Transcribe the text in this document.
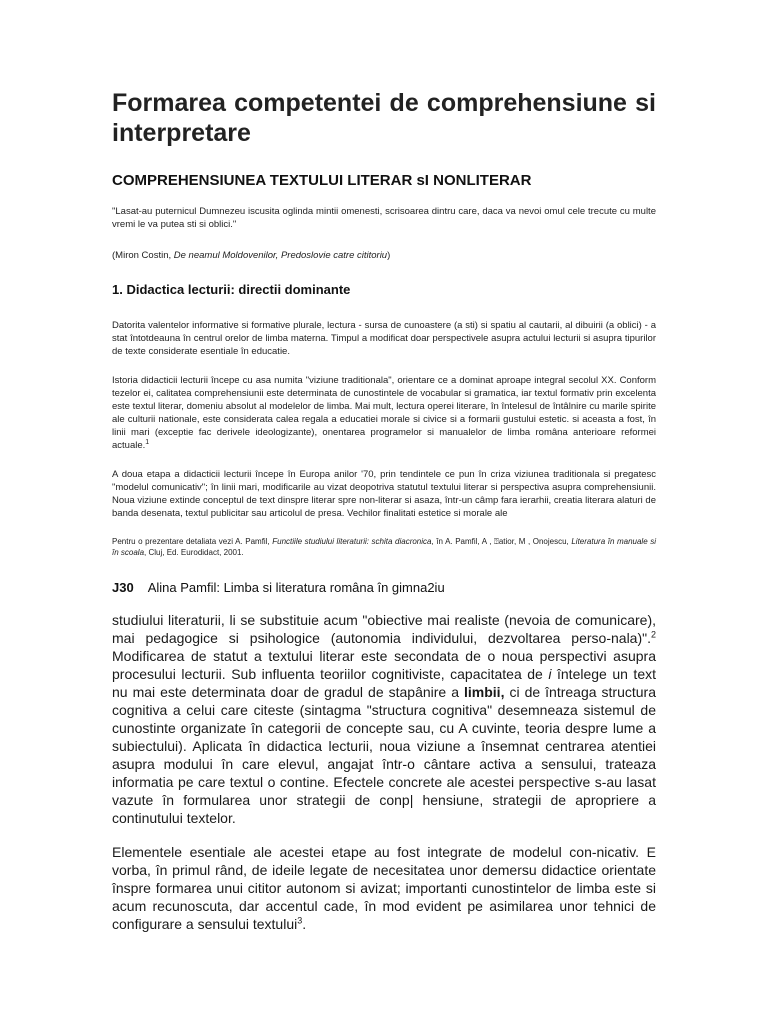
Formarea competentei de comprehensiune si interpretare
COMPREHENSIUNEA TEXTULUI LITERAR sI NONLITERAR

"Lasat-au puternicul Dumnezeu iscusita oglinda mintii omenesti, scrisoarea dintru care, daca va nevoi omul cele trecute cu multe vremi le va putea sti si oblici."

(Miron Costin, De neamul Moldovenilor, Predoslovie catre cititoriu)

1. Didactica lecturii: directii dominante

Datorita valentelor informative si formative plurale, lectura - sursa de cunoastere (a sti) si spatiu al cautarii, al dibuirii (a oblici) - a stat întotdeauna în centrul orelor de limba materna. Timpul a modificat doar perspectivele asupra actului lecturii si asupra tipurilor de texte considerate esentiale în educatie.

Istoria didacticii lecturii începe cu asa numita "viziune traditionala", orientare ce a dominat aproape integral secolul XX. Conform tezelor ei, calitatea comprehensiunii este determinata de cunostintele de vocabular si gramatica, iar textul formativ prin excelenta este textul literar, domeniu absolut al modelelor de limba. Mai mult, lectura operei literare, în întelesul de întâlnire cu marile spirite ale culturii nationale, este considerata calea regala a educatiei morale si civice si a formarii gustului estetic. si aceasta a fost, în linii mari (exceptie fac derivele ideologizante), onentarea programelor si manualelor de limba româna anterioare reformei actuale.$^1$

A doua etapa a didacticii lecturii începe în Europa anilor '70, prin tendintele ce pun în criza viziunea traditionala si pregatesc "modelul comunicativ"; în linii mari, modificarile au vizat deopotriva statutul textului literar si perspectiva asupra comprehensiunii. Noua viziune extinde conceptul de text dinspre literar spre non-literar si asaza, într-un câmp fara ierarhii, creatia literara alaturi de banda desenata, textul publicitar sau articolul de presa. Vechilor finalitati estetice si morale ale

Pentru o prezentare detaliata vezi A. Pamfil, Functiile studiului literaturii: schita diacronica, în A. Pamfil, A , ⍰atior, M , Onojescu, Literatura în manuale si în scoala, Cluj, Ed. Eurodidact, 2001.

J30 Alina Pamfil: Limba si literatura româna în gimna2iu

studiului literaturii, li se substituie acum "obiective mai realiste (nevoia de comunicare), mai pedagogice si psihologice (autonomia individului, dezvoltarea perso-nala)".$^2$ Modificarea de statut a textului literar este secondata de o noua perspectivi asupra procesului lecturii. Sub influenta teoriilor cognitiviste, capacitatea de i întelege un text nu mai este determinata doar de gradul de stapânire a limbii, ci de întreaga structura cognitiva a celui care citeste (sintagma "structura cognitiva" desemneaza sistemul de cunostinte organizate în categorii de concepte sau, cu A cuvinte, teoria despre lume a subiectului). Aplicata în didactica lecturii, noua viziune a însemnat centrarea atentiei asupra modului în care elevul, angajat într-o cântare activa a sensului, trateaza informatia pe care textul o contine. Efectele concrete ale acestei perspective s-au lasat vazute în formularea unor strategii de conp| hensiune, strategii de apropriere a continutului textelor.

Elementele esentiale ale acestei etape au fost integrate de modelul con-nicativ. E vorba, în primul rând, de ideile legate de necesitatea unor demersu didactice orientate înspre formarea unui cititor autonom si avizat; importanti cunostintelor de limba este si acum recunoscuta, dar accentul cade, în mod evident pe asimilarea unor tehnici de configurare a sensului textului$^3$.
